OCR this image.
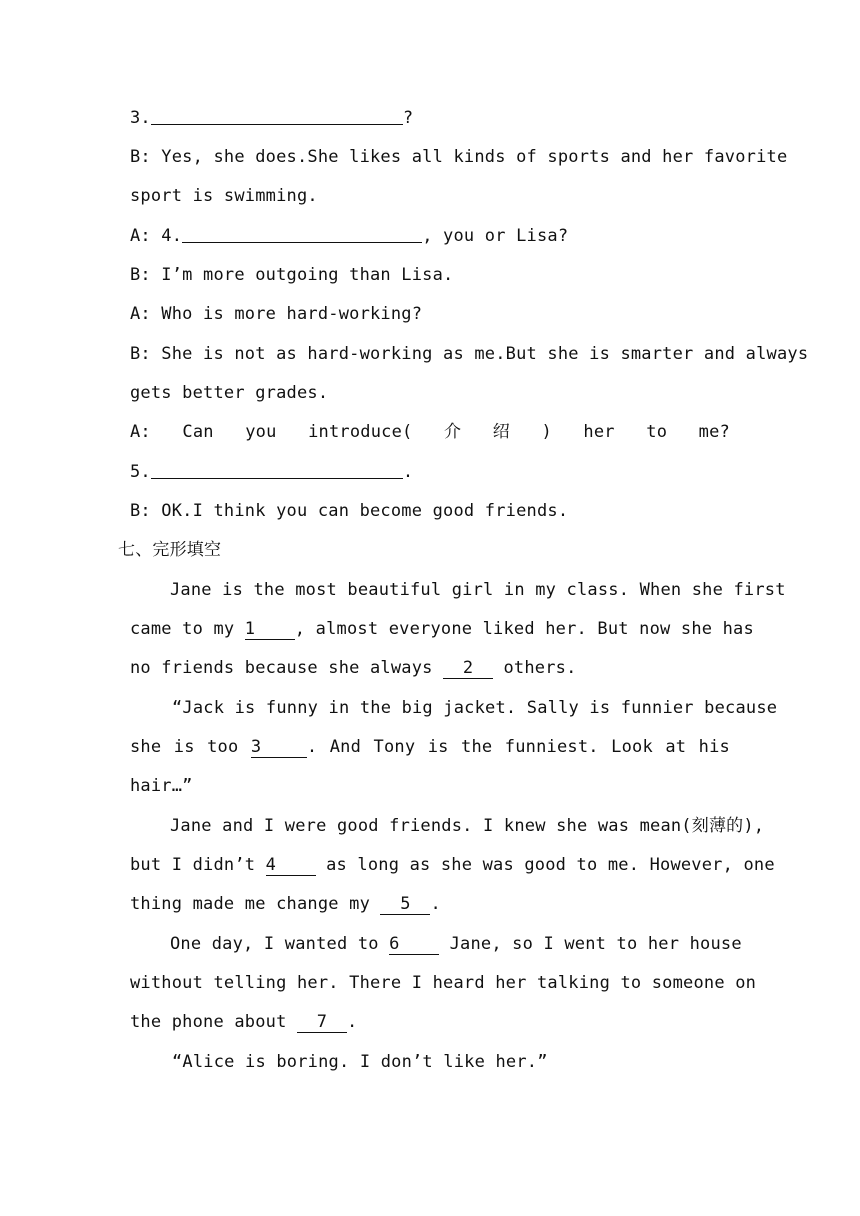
3.	?
B: Yes, she does.She likes all kinds of sports and her favorite
sport is swimming.
A: 4.	, you or Lisa?
B: I’m more outgoing than Lisa.
A: Who is more hard-working?
B: She is not as hard-working as me.But she is smarter and always
gets better grades.
A: Can you introduce( 介 绍 ) her to me?
5.	.
B: OK.I think you can become good friends.
七、完形填空
Jane is the most beautiful girl in my class. When she first
came to my 1 , almost everyone liked her. But now she has
no friends because she always 2 others.
“Jack is funny in the big jacket. Sally is funnier because
she is too 3	. And Tony is the funniest. Look at his
hair…”
Jane and I were good friends. I knew she was mean(刻薄的),
but I didn’t 4 as long as she was good to me. However, one
thing made me change my 5 .
One day, I wanted to 6 Jane, so I went to her house
without telling her. There I heard her talking to someone on
the phone about 7 .
“Alice is boring. I don’t like her.”
